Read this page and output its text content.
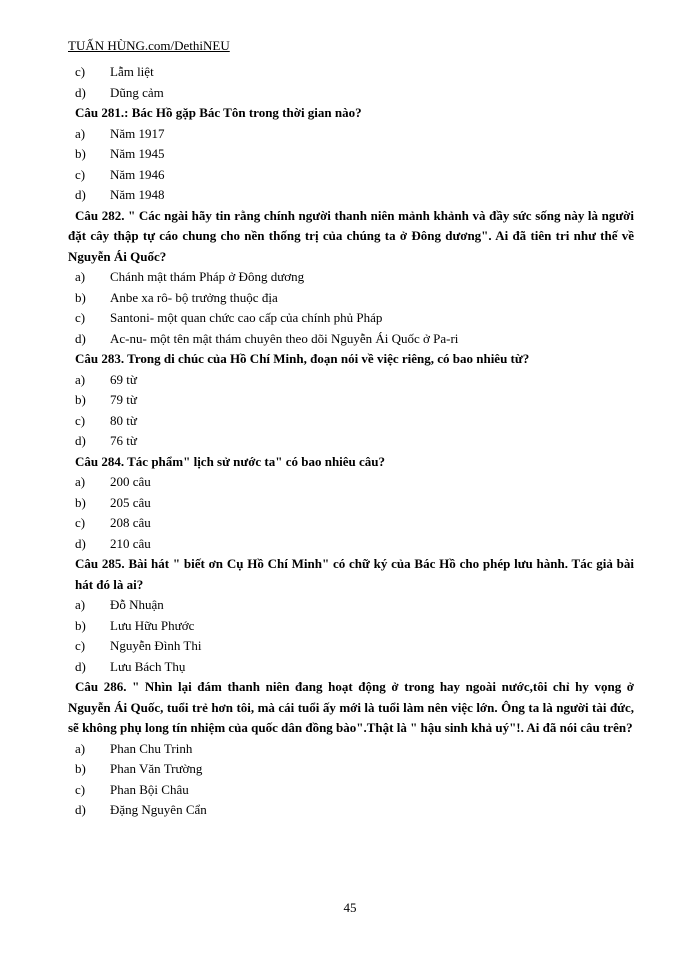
TUẤN HÙNG.com/DethiNEU
c) Lẫm liệt
d) Dũng cảm
Câu 281.: Bác Hồ gặp Bác Tôn trong thời gian nào?
a) Năm 1917
b) Năm 1945
c) Năm 1946
d) Năm 1948
Câu 282. " Các ngài hãy tin rằng chính người thanh niên mảnh khảnh và đầy sức sống này là người đặt cây thập tự cáo chung cho nền thống trị của chúng ta ở Đông dương". Ai đã tiên tri như thế về Nguyễn Ái Quốc?
a) Chánh mật thám Pháp ở Đông dương
b) Anbe xa rô- bộ trưởng thuộc địa
c) Santoni- một quan chức cao cấp của chính phủ Pháp
d) Ac-nu- một tên mật thám chuyên theo dõi Nguyễn Ái Quốc ở Pa-ri
Câu 283. Trong di chúc của Hồ Chí Minh, đoạn nói về việc riêng, có bao nhiêu từ?
a) 69 từ
b) 79 từ
c) 80 từ
d) 76 từ
Câu 284. Tác phẩm" lịch sử nước ta" có bao nhiêu câu?
a) 200 câu
b) 205 câu
c) 208 câu
d) 210 câu
Câu 285. Bài hát " biết ơn Cụ Hồ Chí Minh" có chữ ký của Bác Hồ cho phép lưu hành. Tác giả bài hát đó là ai?
a) Đỗ Nhuận
b) Lưu Hữu Phước
c) Nguyễn Đình Thi
d) Lưu Bách Thụ
Câu 286. " Nhìn lại đám thanh niên đang hoạt động ở trong hay ngoài nước,tôi chỉ hy vọng ở Nguyễn Ái Quốc, tuổi trẻ hơn tôi, mà cái tuổi ấy mới là tuổi làm nên việc lớn. Ông ta là người tài đức, sẽ không phụ long tín nhiệm của quốc dân đồng bào".Thật là " hậu sinh khả uý"!. Ai đã nói câu trên?
a) Phan Chu Trinh
b) Phan Văn Trường
c) Phan Bội Châu
d) Đặng Nguyên Cẩn
45
